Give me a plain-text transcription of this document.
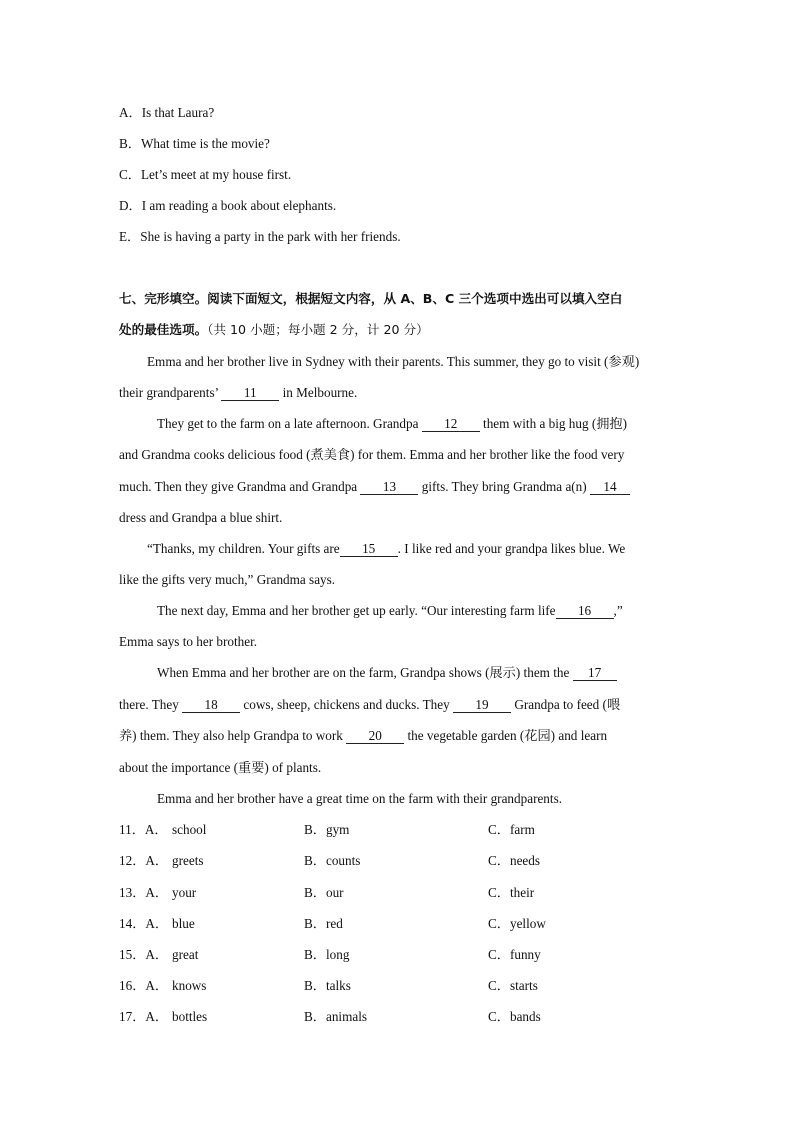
A．Is that Laura?
B．What time is the movie?
C．Let’s meet at my house first.
D．I am reading a book about elephants.
E．She is having a party in the park with her friends.
七、完形填空。阅读下面短文，根据短文内容，从 A、B、C 三个选项中选出可以填入空白
处的最佳选项。（共 10 小题；每小题 2 分，计 20 分）
Emma and her brother live in Sydney with their parents. This summer, they go to visit (参观)
their grandparents’ 11 in Melbourne.
They get to the farm on a late afternoon. Grandpa 12 them with a big hug (拥抱)
and Grandma cooks delicious food (煮美食) for them. Emma and her brother like the food very
much. Then they give Grandma and Grandpa 13 gifts. They bring Grandma a(n) 14
dress and Grandpa a blue shirt.
“Thanks, my children. Your gifts are 15 . I like red and your grandpa likes blue. We
like the gifts very much,” Grandma says.
The next day, Emma and her brother get up early. “Our interesting farm life 16 ,”
Emma says to her brother.
When Emma and her brother are on the farm, Grandpa shows (展示) them the 17
there. They 18 cows, sheep, chickens and ducks. They 19 Grandpa to feed (喂
养) them. They also help Grandpa to work 20 the vegetable garden (花园) and learn
about the importance (重要) of plants.
Emma and her brother have a great time on the farm with their grandparents.
11．A． school	B．gym	C．farm
12．A． greets	B．counts	C．needs
13．A． your	B．our	C．their
14．A． blue	B．red	C．yellow
15．A． great	B．long	C．funny
16．A． knows	B．talks	C．starts
17．A． bottles	B．animals	C．bands
